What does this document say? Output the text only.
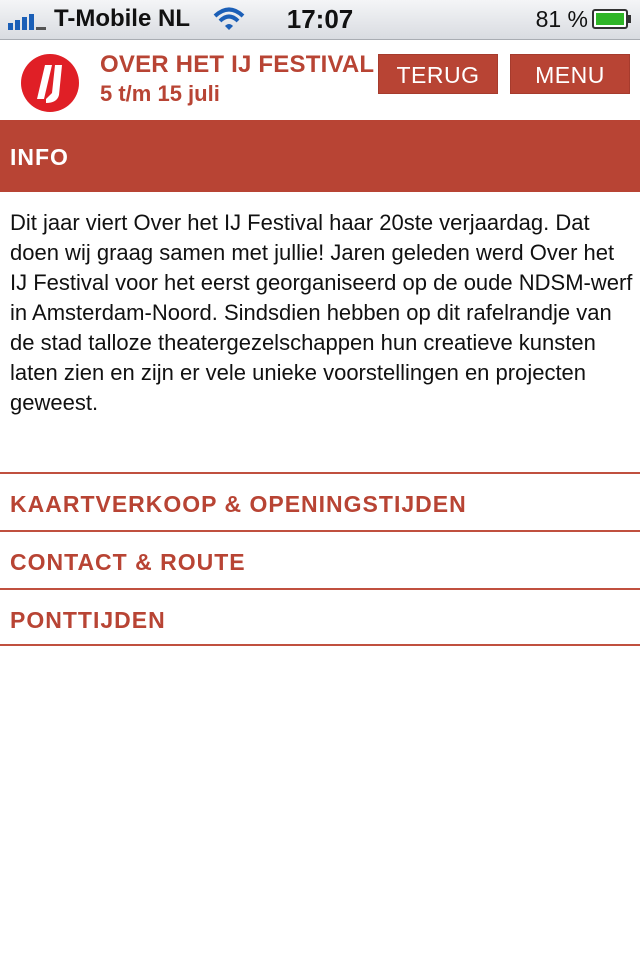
T-Mobile NL	17:07	81 %
OVER HET IJ FESTIVAL
5 t/m 15 juli
TERUG	MENU
INFO
Dit jaar viert Over het IJ Festival haar 20ste verjaardag. Dat doen wij graag samen met jullie! Jaren geleden werd Over het IJ Festival voor het eerst georganiseerd op de oude NDSM-werf in Amsterdam-Noord. Sindsdien hebben op dit rafelrandje van de stad talloze theatergezelschappen hun creatieve kunsten laten zien en zijn er vele unieke voorstellingen en projecten geweest.
KAARTVERKOOP & OPENINGSTIJDEN
CONTACT & ROUTE
PONTTIJDEN
